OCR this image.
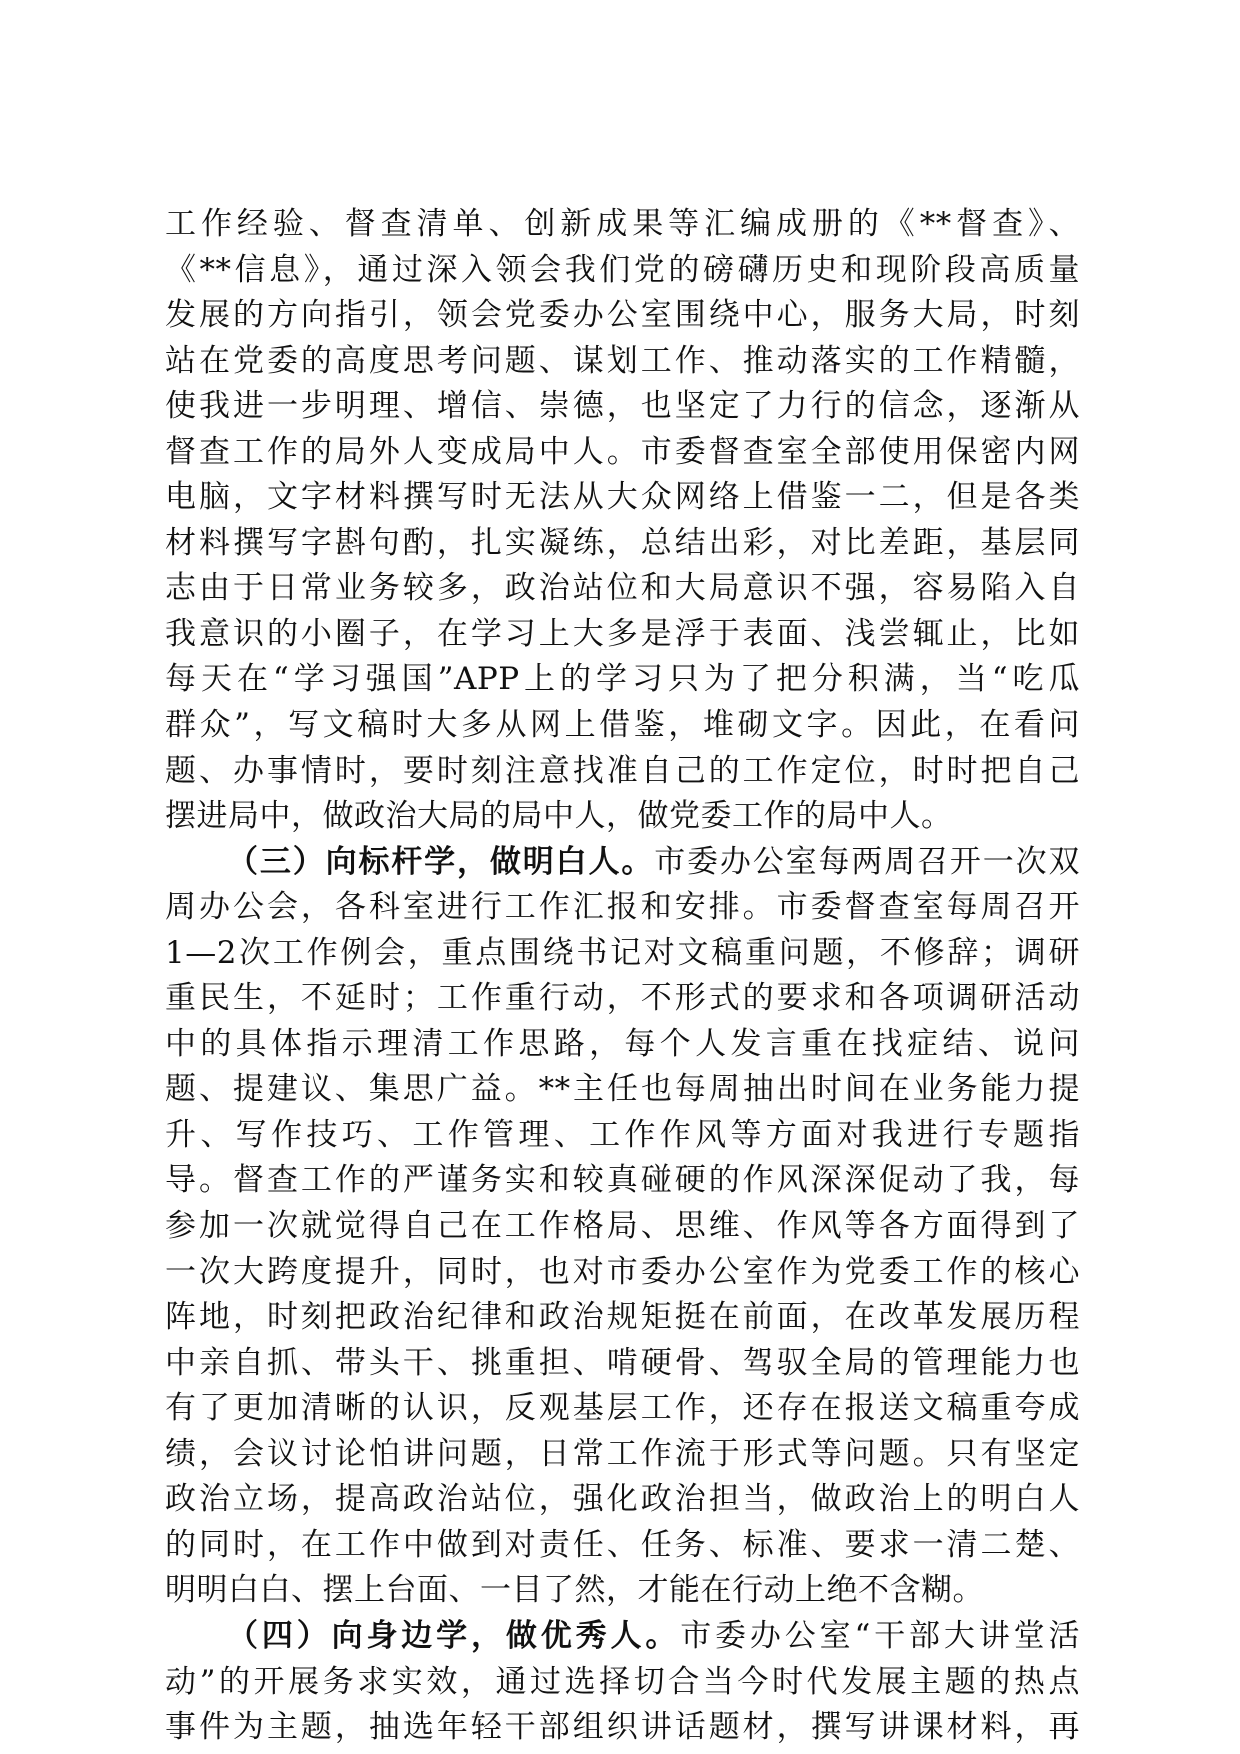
工作经验、督查清单、创新成果等汇编成册的《**督查》、
《**信息》，通过深入领会我们党的磅礴历史和现阶段高质量
发展的方向指引，领会党委办公室围绕中心，服务大局，时刻
站在党委的高度思考问题、谋划工作、推动落实的工作精髓，
使我进一步明理、增信、崇德，也坚定了力行的信念，逐渐从
督查工作的局外人变成局中人。市委督查室全部使用保密内网
电脑，文字材料撰写时无法从大众网络上借鉴一二，但是各类
材料撰写字斟句酌，扎实凝练，总结出彩，对比差距，基层同
志由于日常业务较多，政治站位和大局意识不强，容易陷入自
我意识的小圈子，在学习上大多是浮于表面、浅尝辄止，比如
每天在“学习强国”APP上的学习只为了把分积满，当“吃瓜
群众”，写文稿时大多从网上借鉴，堆砌文字。因此，在看问
题、办事情时，要时刻注意找准自己的工作定位，时时把自己
摆进局中，做政治大局的局中人，做党委工作的局中人。
（三）向标杆学，做明白人。市委办公室每两周召开一次双
周办公会，各科室进行工作汇报和安排。市委督查室每周召开
1—2次工作例会，重点围绕书记对文稿重问题，不修辞；调研
重民生，不延时；工作重行动，不形式的要求和各项调研活动
中的具体指示理清工作思路，每个人发言重在找症结、说问
题、提建议、集思广益。**主任也每周抽出时间在业务能力提
升、写作技巧、工作管理、工作作风等方面对我进行专题指
导。督查工作的严谨务实和较真碰硬的作风深深促动了我，每
参加一次就觉得自己在工作格局、思维、作风等各方面得到了
一次大跨度提升，同时，也对市委办公室作为党委工作的核心
阵地，时刻把政治纪律和政治规矩挺在前面，在改革发展历程
中亲自抓、带头干、挑重担、啃硬骨、驾驭全局的管理能力也
有了更加清晰的认识，反观基层工作，还存在报送文稿重夸成
绩，会议讨论怕讲问题，日常工作流于形式等问题。只有坚定
政治立场，提高政治站位，强化政治担当，做政治上的明白人
的同时，在工作中做到对责任、任务、标准、要求一清二楚、
明明白白、摆上台面、一目了然，才能在行动上绝不含糊。
（四）向身边学，做优秀人。市委办公室“干部大讲堂活
动”的开展务求实效，通过选择切合当今时代发展主题的热点
事件为主题，抽选年轻干部组织讲话题材，撰写讲课材料，再
